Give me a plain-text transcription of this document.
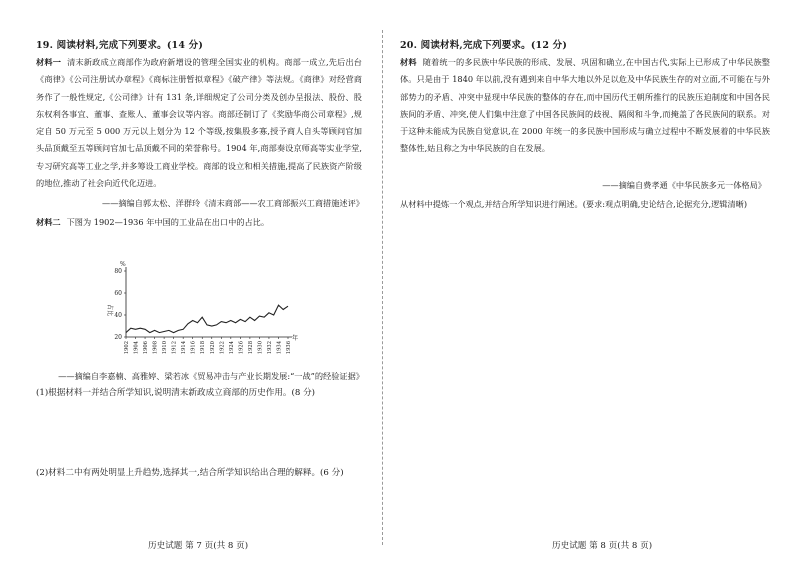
19. 阅读材料,完成下列要求。(14 分)
材料一 清末新政成立商部作为政府新增设的管理全国实业的机构。商部一成立,先后出台《商律》《公司注册试办章程》《商标注册暂拟章程》《破产律》等法规。《商律》对经营商务作了一般性规定,《公司律》计有 131 条,详细规定了公司分类及创办呈报法、股份、股东权利各事宜、董事、查账人、董事会议等内容。商部还制订了《奖励华商公司章程》,规定自 50 万元至 5 000 万元以上划分为 12 个等级,按集股多寡,授予商人自头等顾问官加头品顶戴至五等顾问官加七品顶戴不同的荣誉称号。1904 年,商部奏设京师高等实业学堂,专习研究高等工业之学,并多筹设工商业学校。商部的设立和相关措施,提高了民族资产阶级的地位,推动了社会向近代化迈进。
——摘编自郭太松、洋群玲《清末商部——农工商部振兴工商措施述评》
材料二 下图为 1902—1936 年中国的工业品在出口中的占比。
20
40
60
80
1902 1904 1906 1908 1910 1912 1914 1916 1918 1920 1922 1924 1926 1928 1930 1932 1934 1936
%
占比
年
——摘编自李嘉楠、高雅婷、梁若冰《贸易冲击与产业长期发展:“一战”的经验证据》
(1)根据材料一并结合所学知识,说明清末新政成立商部的历史作用。(8 分)
(2)材料二中有两处明显上升趋势,选择其一,结合所学知识给出合理的解释。(6 分)
历史试题 第 7 页(共 8 页)
20. 阅读材料,完成下列要求。(12 分)
材料 随着统一的多民族中华民族的形成、发展、巩固和确立,在中国古代,实际上已形成了中华民族整体。只是由于 1840 年以前,没有遇到来自中华大地以外足以危及中华民族生存的对立面,不可能在与外部势力的矛盾、冲突中显现中华民族的整体的存在,而中国历代王朝所推行的民族压迫制度和中国各民族间的矛盾、冲突,使人们集中注意了中国各民族间的歧视、隔阂和斗争,而掩盖了各民族间的联系。对于这种未能成为民族自觉意识,在 2000 年统一的多民族中国形成与确立过程中不断发展着的中华民族整体性,姑且称之为中华民族的自在发展。
——摘编自费孝通《中华民族多元一体格局》
从材料中提炼一个观点,并结合所学知识进行阐述。(要求:观点明确,史论结合,论据充分,逻辑清晰)
历史试题 第 8 页(共 8 页)
